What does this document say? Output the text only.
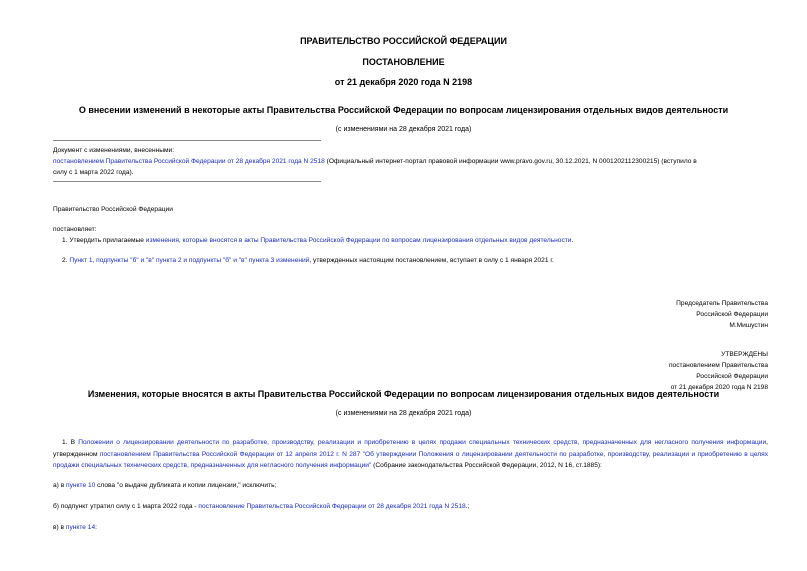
ПРАВИТЕЛЬСТВО РОССИЙСКОЙ ФЕДЕРАЦИИ
ПОСТАНОВЛЕНИЕ
от 21 декабря 2020 года N 2198
О внесении изменений в некоторые акты Правительства Российской Федерации по вопросам лицензирования отдельных видов деятельности
(с изменениями на 28 декабря 2021 года)
Документ с изменениями, внесенными:
постановлением Правительства Российской Федерации от 28 декабря 2021 года N 2518 (Официальный интернет-портал правовой информации www.pravo.gov.ru, 30.12.2021, N 0001202112300215) (вступило в
силу с 1 марта 2022 года).
Правительство Российской Федерации
постановляет:
1. Утвердить прилагаемые изменения, которые вносятся в акты Правительства Российской Федерации по вопросам лицензирования отдельных видов деятельности.
2. Пункт 1, подпункты "б" и "в" пункта 2 и подпункты "б" и "в" пункта 3 изменений, утвержденных настоящим постановлением, вступает в силу с 1 января 2021 г.
Председатель Правительства
Российской Федерации
М.Мишустин
УТВЕРЖДЕНЫ
постановлением Правительства
Российской Федерации
от 21 декабря 2020 года N 2198
Изменения, которые вносятся в акты Правительства Российской Федерации по вопросам лицензирования отдельных видов деятельности
(с изменениями на 28 декабря 2021 года)
1. В Положении о лицензировании деятельности по разработке, производству, реализации и приобретению в целях продажи специальных технических средств, предназначенных для негласного получения информации, утвержденном постановлением Правительства Российской Федерации от 12 апреля 2012 г. N 287 "Об утверждении Положения о лицензировании деятельности по разработке, производству, реализации и приобретению в целях продажи специальных технических средств, предназначенных для негласного получения информации" (Собрание законодательства Российской Федерации, 2012, N 16, ст.1885):
а) в пункте 10 слова "о выдаче дубликата и копии лицензии," исключить;
б) подпункт утратил силу с 1 марта 2022 года - постановление Правительства Российской Федерации от 28 декабря 2021 года N 2518.;
в) в пункте 14:
